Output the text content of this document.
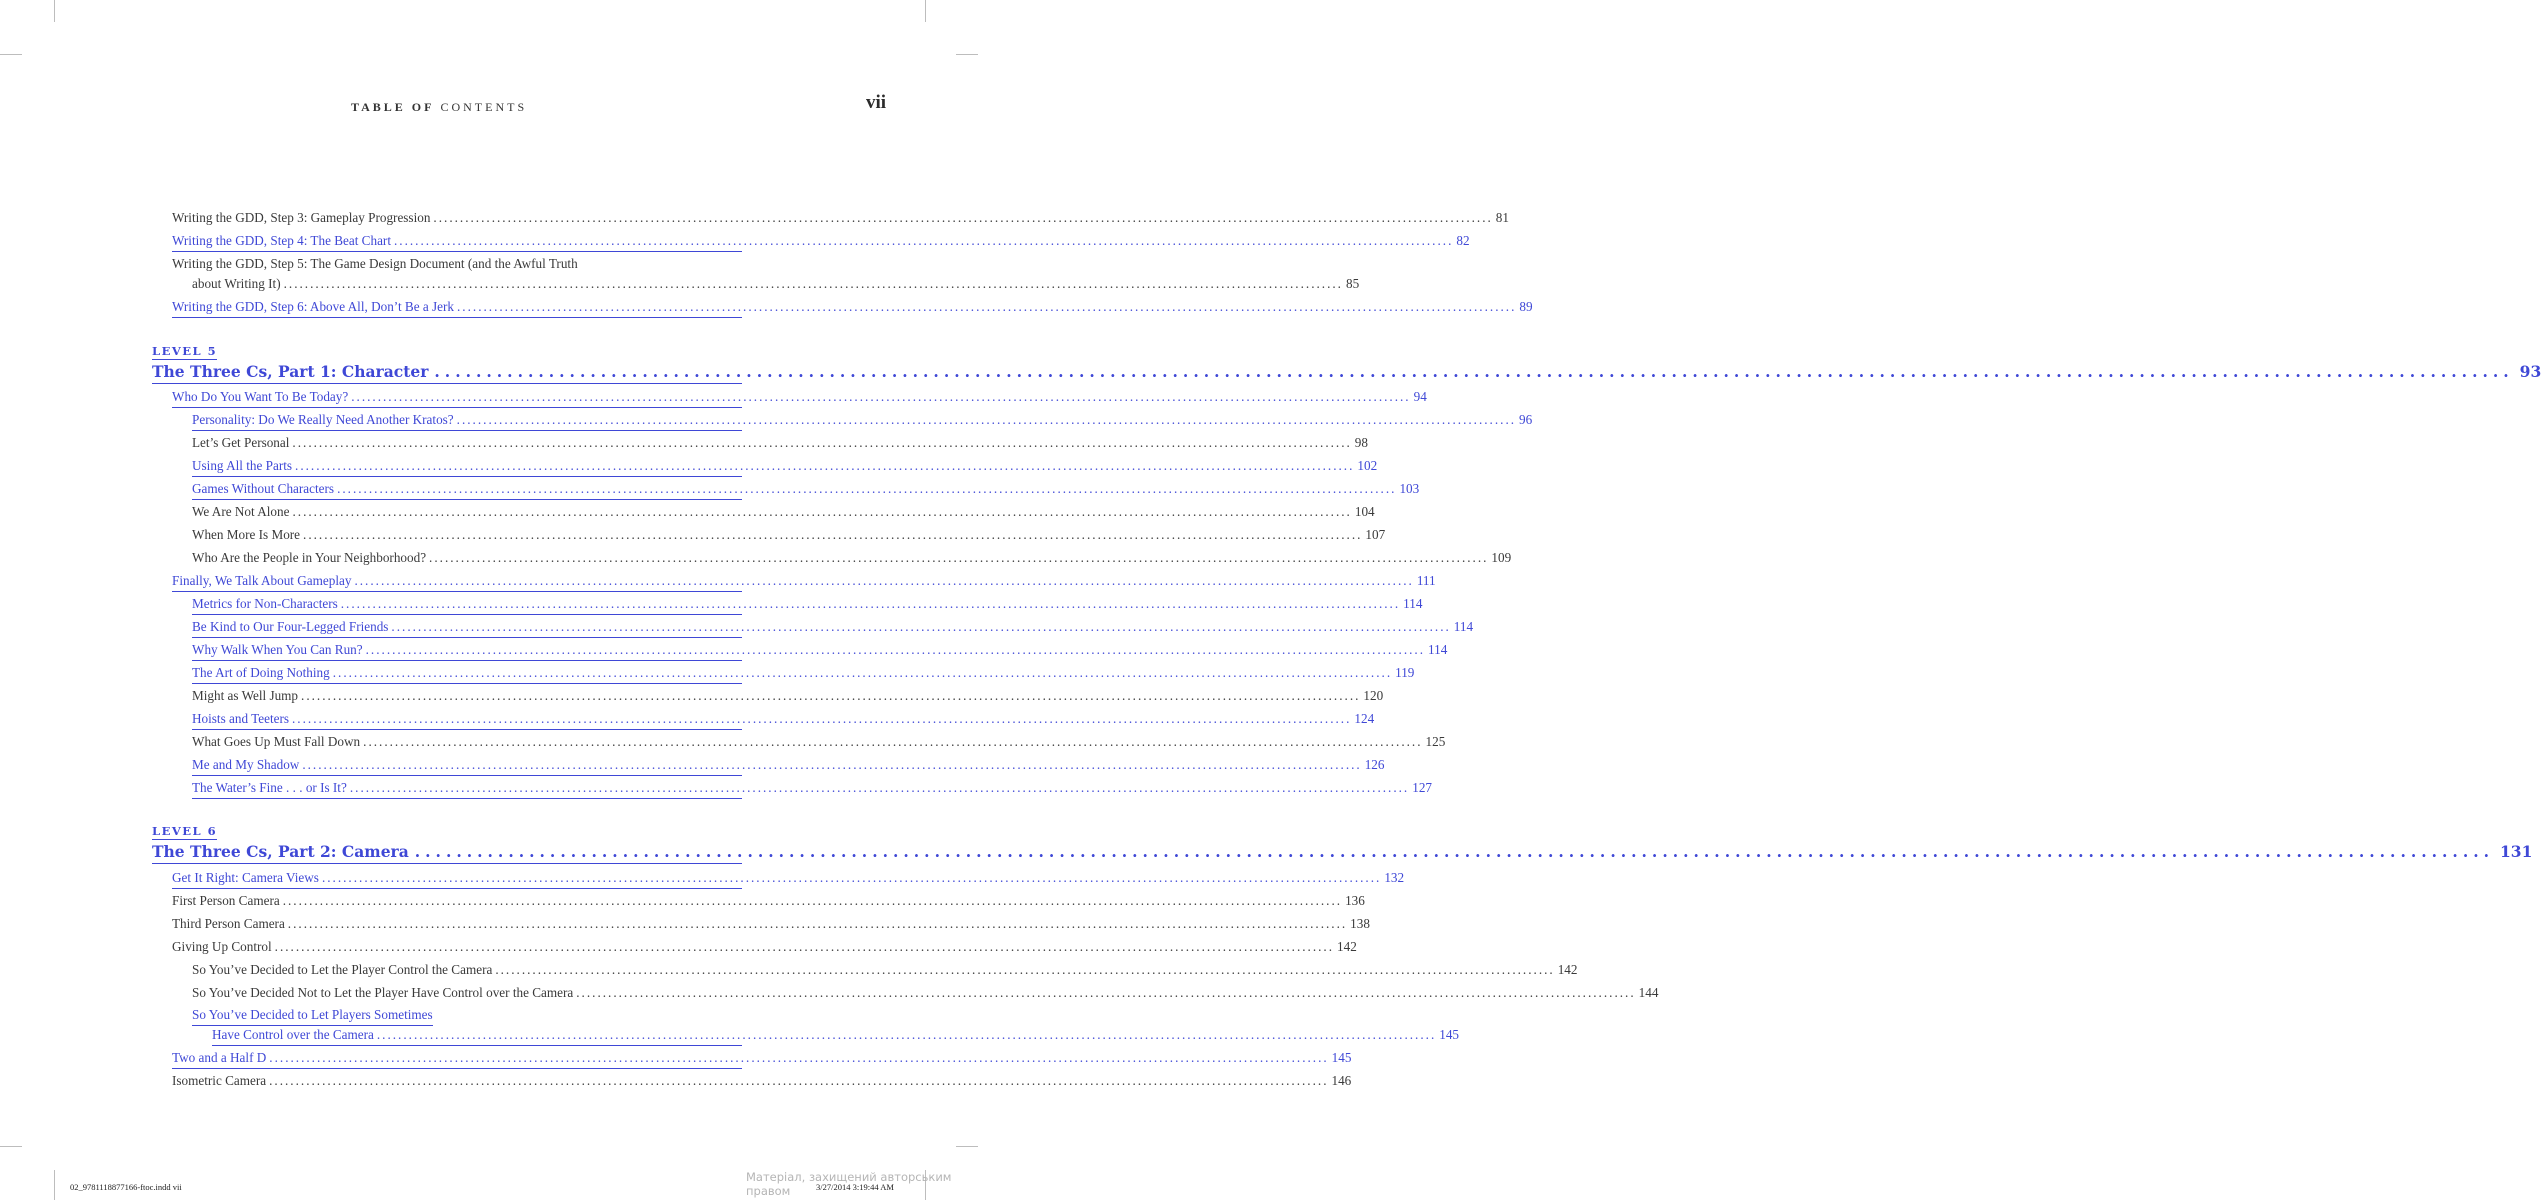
TABLE OF CONTENTS	vii
Writing the GDD, Step 3: Gameplay Progression ........................................................................................................................................................................................................ 81
Writing the GDD, Step 4: The Beat Chart ........................................................................................................................................................................................................ 82
Writing the GDD, Step 5: The Game Design Document (and the Awful Truth
about Writing It) ........................................................................................................................................................................................................ 85
Writing the GDD, Step 6: Above All, Don’t Be a Jerk ........................................................................................................................................................................................................ 89
LEVEL 5
The Three Cs, Part 1: Character ........................................................................................................................................................................................................ 93
Who Do You Want To Be Today? ........................................................................................................................................................................................................ 94
Personality: Do We Really Need Another Kratos? ........................................................................................................................................................................................................ 96
Let’s Get Personal ........................................................................................................................................................................................................ 98
Using All the Parts ........................................................................................................................................................................................................ 102
Games Without Characters ........................................................................................................................................................................................................ 103
We Are Not Alone ........................................................................................................................................................................................................ 104
When More Is More ........................................................................................................................................................................................................ 107
Who Are the People in Your Neighborhood? ........................................................................................................................................................................................................ 109
Finally, We Talk About Gameplay ........................................................................................................................................................................................................ 111
Metrics for Non-Characters ........................................................................................................................................................................................................ 114
Be Kind to Our Four-Legged Friends ........................................................................................................................................................................................................ 114
Why Walk When You Can Run? ........................................................................................................................................................................................................ 114
The Art of Doing Nothing ........................................................................................................................................................................................................ 119
Might as Well Jump ........................................................................................................................................................................................................ 120
Hoists and Teeters ........................................................................................................................................................................................................ 124
What Goes Up Must Fall Down ........................................................................................................................................................................................................ 125
Me and My Shadow ........................................................................................................................................................................................................ 126
The Water’s Fine . . . or Is It? ........................................................................................................................................................................................................ 127
LEVEL 6
The Three Cs, Part 2: Camera ........................................................................................................................................................................................................ 131
Get It Right: Camera Views ........................................................................................................................................................................................................ 132
First Person Camera ........................................................................................................................................................................................................ 136
Third Person Camera ........................................................................................................................................................................................................ 138
Giving Up Control ........................................................................................................................................................................................................ 142
So You’ve Decided to Let the Player Control the Camera ........................................................................................................................................................................................................ 142
So You’ve Decided Not to Let the Player Have Control over the Camera ........................................................................................................................................................................................................ 144
So You’ve Decided to Let Players Sometimes
Have Control over the Camera ........................................................................................................................................................................................................ 145
Two and a Half D ........................................................................................................................................................................................................ 145
Isometric Camera ........................................................................................................................................................................................................ 146
02_9781118877166-ftoc.indd vii
Матеріал, захищений авторським правом	3/27/2014 3:19:44 AM
